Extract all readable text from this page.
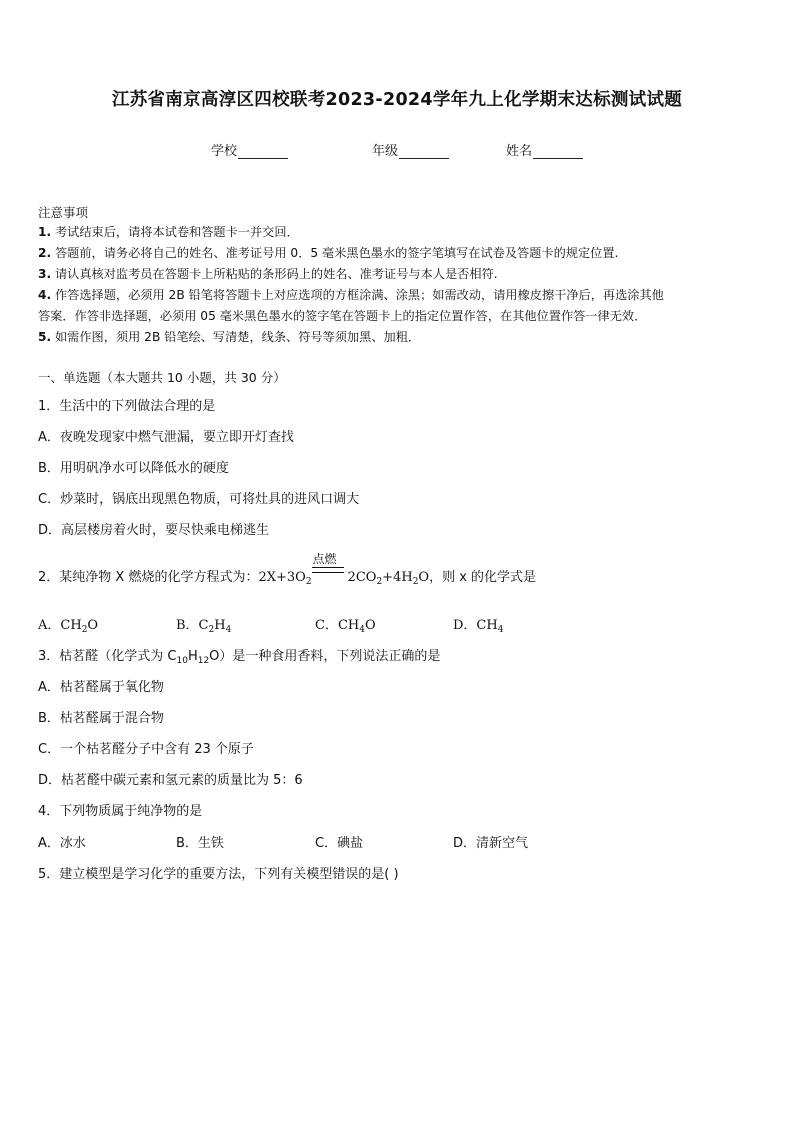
江苏省南京高淳区四校联考2023-2024学年九上化学期末达标测试试题
学校	年级	姓名
注意事项
1. 考试结束后，请将本试卷和答题卡一并交回．
2. 答题前，请务必将自己的姓名、准考证号用 0．5 毫米黑色墨水的签字笔填写在试卷及答题卡的规定位置.
3. 请认真核对监考员在答题卡上所粘贴的条形码上的姓名、准考证号与本人是否相符.
4. 作答选择题，必须用 2B 铅笔将答题卡上对应选项的方框涂满、涂黑；如需改动，请用橡皮擦干净后，再选涂其他
答案．作答非选择题，必须用 05 毫米黑色墨水的签字笔在答题卡上的指定位置作答，在其他位置作答一律无效．
5. 如需作图，须用 2B 铅笔绘、写清楚，线条、符号等须加黑、加粗．
一、单选题（本大题共 10 小题，共 30 分）
1．生活中的下列做法合理的是
A．夜晚发现家中燃气泄漏，要立即开灯查找
B．用明矾净水可以降低水的硬度
C．炒菜时，锅底出现黑色物质，可将灶具的进风口调大
D．高层楼房着火时，要尽快乘电梯逃生
2．某纯净物 X 燃烧的化学方程式为：$2X+3O_2$
点燃
$2CO_2+4H_2O$，则 x 的化学式是
A．$CH_2O$	B．$C_2H_4$	C．$CH_4O$	D．$CH_4$
3．枯茗醛（化学式为 $C_{10}H_{12}O$）是一种食用香料，下列说法正确的是
A．枯茗醛属于氧化物
B．枯茗醛属于混合物
C．一个枯茗醛分子中含有 23 个原子
D．枯茗醛中碳元素和氢元素的质量比为 5：6
4．下列物质属于纯净物的是
A．冰水	B．生铁	C．碘盐	D．清新空气
5．建立模型是学习化学的重要方法，下列有关模型错误的是( )
